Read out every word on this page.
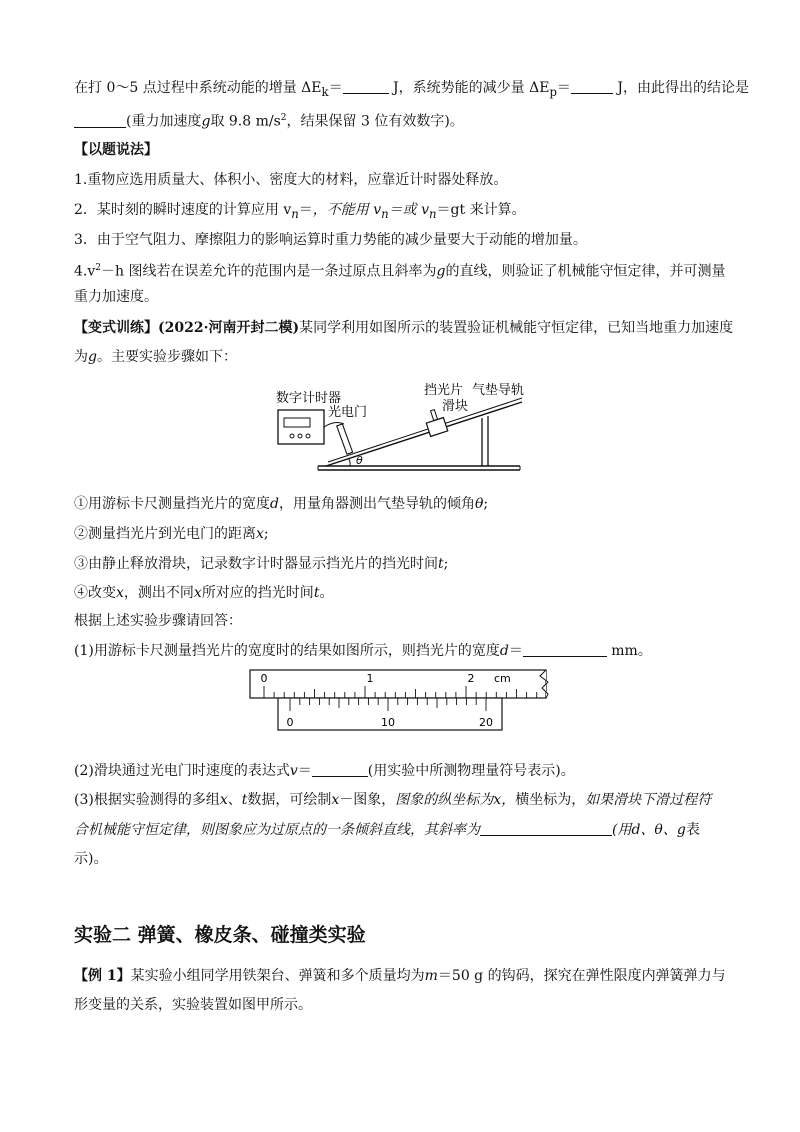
在打 0～5 点过程中系统动能的增量 $\Delta E_k=$	J，系统势能的减少量 $\Delta E_p=$	J，由此得出的结论是
(重力加速度g取 9.8 $m/s^2$，结果保留 3 位有效数字)。
【以题说法】
1.重物应选用质量大、体积小、密度大的材料，应靠近计时器处释放。
2．某时刻的瞬时速度的计算应用 $v_n=$，不能用 $v_n=$或 $v_n=gt$ 来计算。
3．由于空气阻力、摩擦阻力的影响运算时重力势能的减少量要大于动能的增加量。
$4.v^2-h$ 图线若在误差允许的范围内是一条过原点且斜率为g的直线，则验证了机械能守恒定律，并可测量
重力加速度。
【变式训练】(2022·河南开封二模)某同学利用如图所示的装置验证机械能守恒定律，已知当地重力加速度
为g。主要实验步骤如下：
数字计时器
光电门
挡光片 气垫导轨
滑块
θ
①用游标卡尺测量挡光片的宽度d，用量角器测出气垫导轨的倾角θ;
②测量挡光片到光电门的距离x;
③由静止释放滑块，记录数字计时器显示挡光片的挡光时间t;
④改变x，测出不同x所对应的挡光时间t。
根据上述实验步骤请回答：
(1)用游标卡尺测量挡光片的宽度时的结果如图所示，则挡光片的宽度d＝	mm。
0	1	2 cm
0	10	20
(2)滑块通过光电门时速度的表达式v＝	(用实验中所测物理量符号表示)。
(3)根据实验测得的多组x、t数据，可绘制x－图象，图象的纵坐标为x，横坐标为，如果滑块下滑过程符
合机械能守恒定律，则图象应为过原点的一条倾斜直线，其斜率为	(用d、θ、g表
示)。
实验二 弹簧、橡皮条、碰撞类实验
【例 1】某实验小组同学用铁架台、弹簧和多个质量均为m＝50 g 的钩码，探究在弹性限度内弹簧弹力与
形变量的关系，实验装置如图甲所示。
